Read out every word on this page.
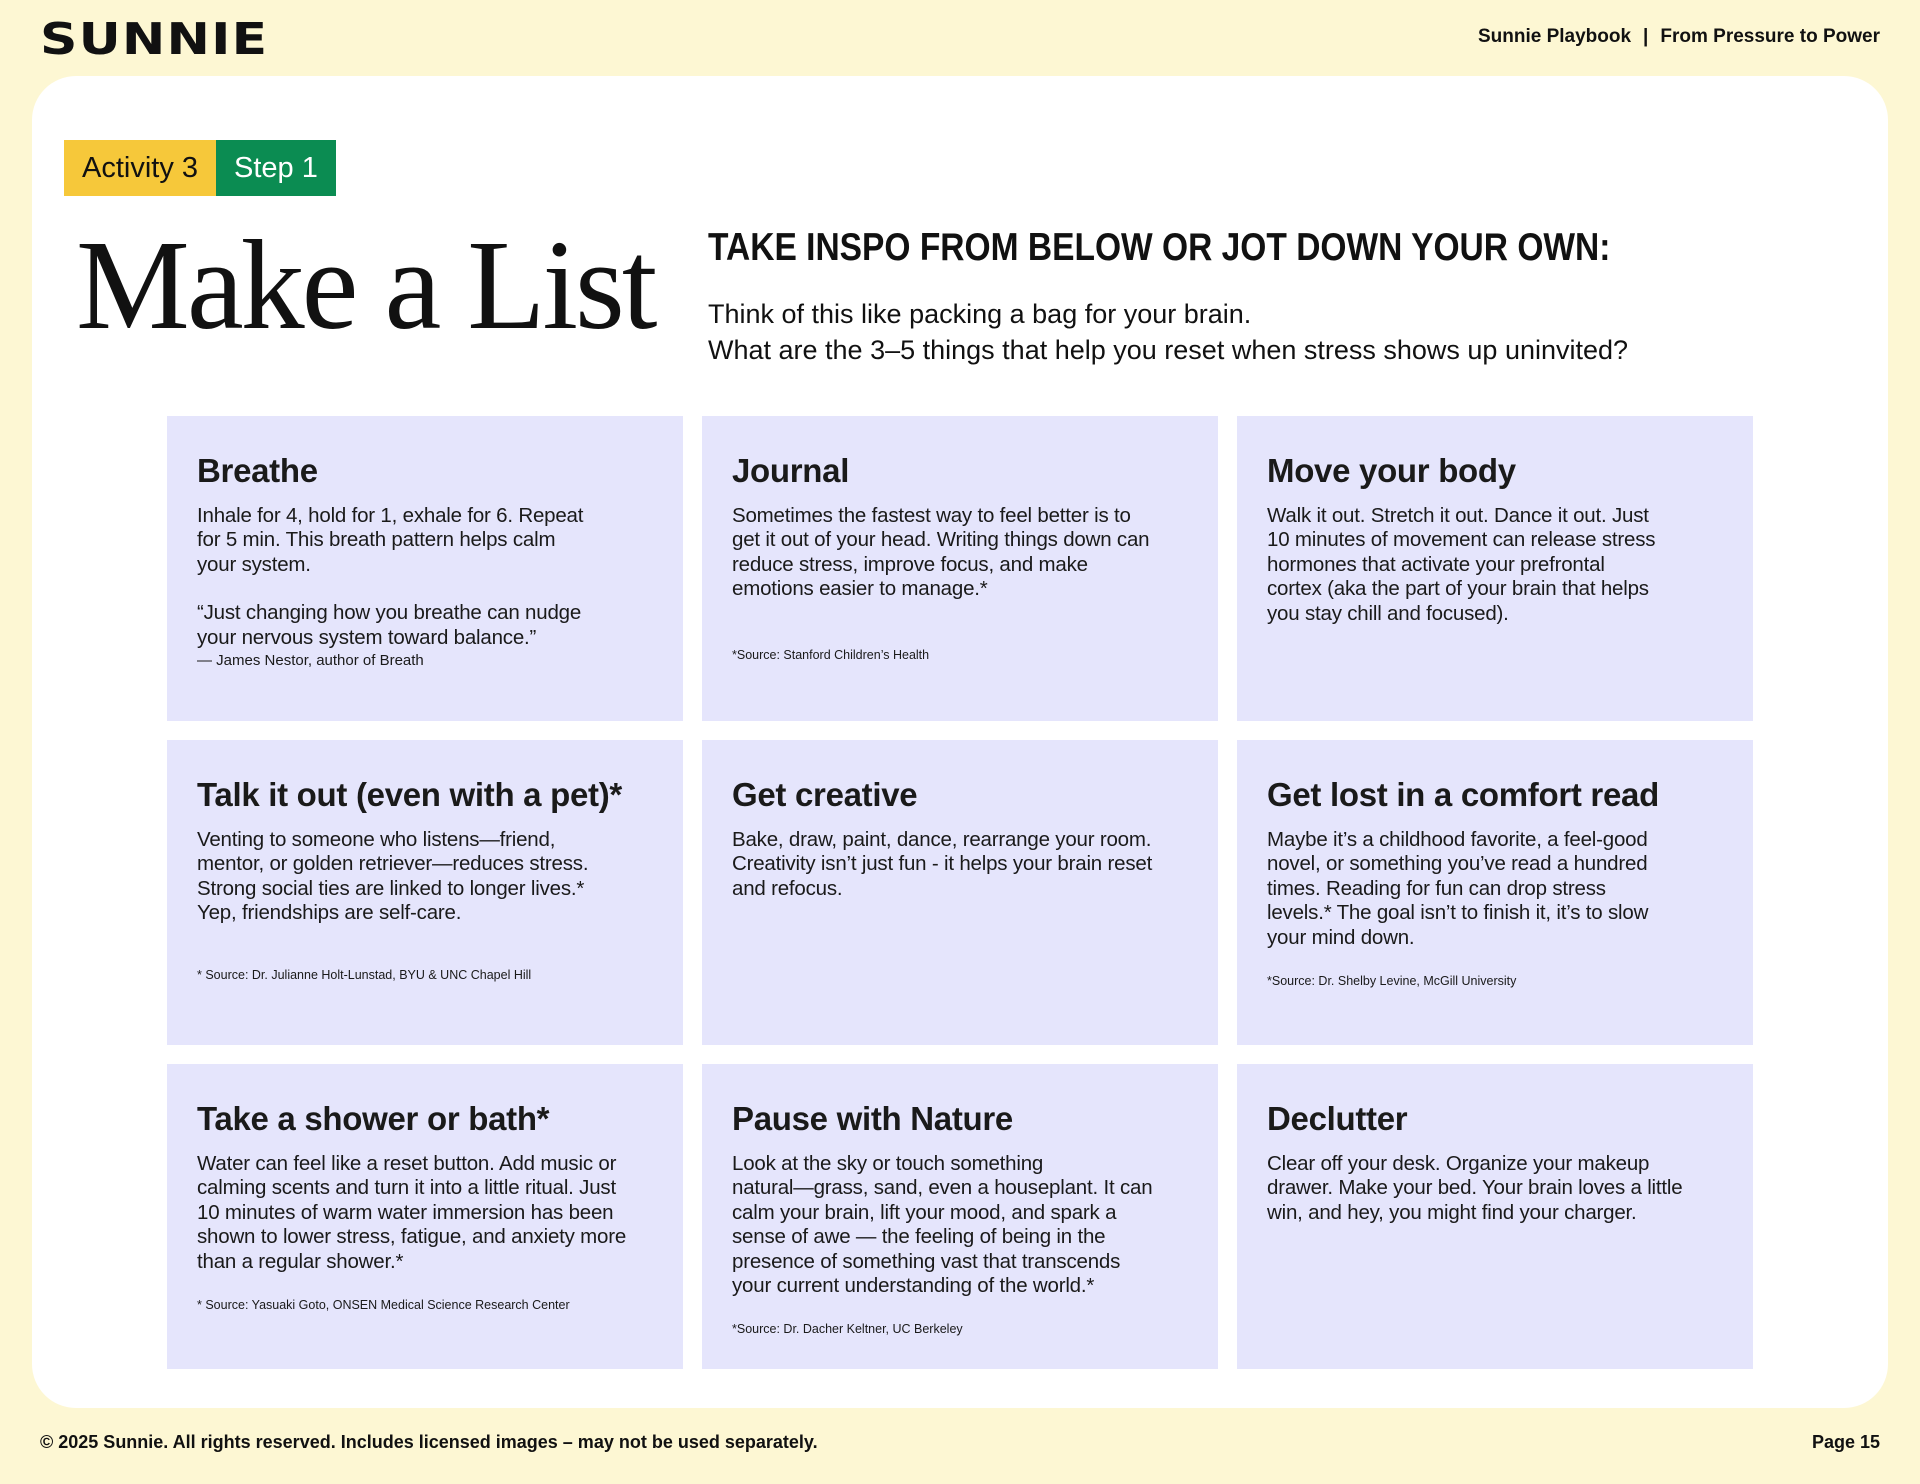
SUNNIE	Sunnie Playbook | From Pressure to Power
Activity 3	Step 1
Make a List TAKE INSPO FROM BELOW OR JOT DOWN YOUR OWN:
Think of this like packing a bag for your brain.
What are the 3–5 things that help you reset when stress shows up uninvited?
Breathe
Inhale for 4, hold for 1, exhale for 6. Repeat
for 5 min. This breath pattern helps calm
your system.
“Just changing how you breathe can nudge
your nervous system toward balance.”
— James Nestor, author of Breath
Journal
Sometimes the fastest way to feel better is to
get it out of your head. Writing things down can
reduce stress, improve focus, and make
emotions easier to manage.*
*Source: Stanford Children’s Health
Move your body
Walk it out. Stretch it out. Dance it out. Just
10 minutes of movement can release stress
hormones that activate your prefrontal
cortex (aka the part of your brain that helps
you stay chill and focused).
Talk it out (even with a pet)*
Venting to someone who listens—friend,
mentor, or golden retriever—reduces stress.
Strong social ties are linked to longer lives.*
Yep, friendships are self-care.
* Source: Dr. Julianne Holt-Lunstad, BYU & UNC Chapel Hill
Get creative
Bake, draw, paint, dance, rearrange your room.
Creativity isn’t just fun - it helps your brain reset
and refocus.
Get lost in a comfort read
Maybe it’s a childhood favorite, a feel-good
novel, or something you’ve read a hundred
times. Reading for fun can drop stress
levels.* The goal isn’t to finish it, it’s to slow
your mind down.
*Source: Dr. Shelby Levine, McGill University
Take a shower or bath*
Water can feel like a reset button. Add music or
calming scents and turn it into a little ritual. Just
10 minutes of warm water immersion has been
shown to lower stress, fatigue, and anxiety more
than a regular shower.*
* Source: Yasuaki Goto, ONSEN Medical Science Research Center
Pause with Nature
Look at the sky or touch something
natural—grass, sand, even a houseplant. It can
calm your brain, lift your mood, and spark a
sense of awe — the feeling of being in the
presence of something vast that transcends
your current understanding of the world.*
*Source: Dr. Dacher Keltner, UC Berkeley
Declutter
Clear off your desk. Organize your makeup
drawer. Make your bed. Your brain loves a little
win, and hey, you might find your charger.
© 2025 Sunnie. All rights reserved. Includes licensed images – may not be used separately.	Page 15
